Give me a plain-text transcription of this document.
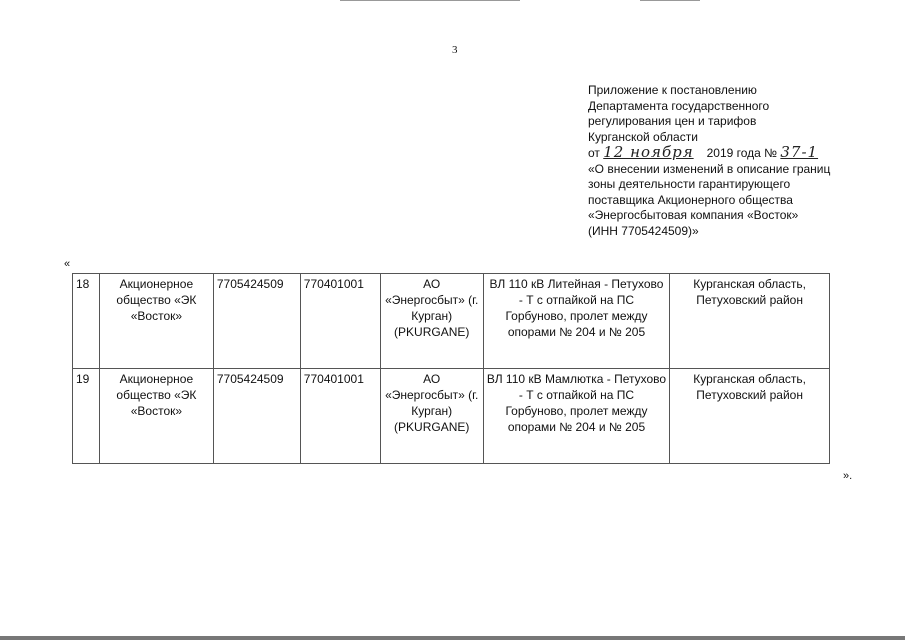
3
Приложение к постановлению
Департамента государственного
регулирования цен и тарифов
Курганской области
от 12 ноября 2019 года № 37-1
«О внесении изменений в описание границ
зоны деятельности гарантирующего
поставщика Акционерного общества
«Энергосбытовая компания «Восток»
(ИНН 7705424509)»
«
18	Акционерное общество «ЭК «Восток»	7705424509	770401001	АО «Энергосбыт» (г. Курган) (PKURGANE)	ВЛ 110 кВ Литейная - Петухово - Т с отпайкой на ПС Горбуново, пролет между опорами № 204 и № 205	Курганская область, Петуховский район
19	Акционерное общество «ЭК «Восток»	7705424509	770401001	АО «Энергосбыт» (г. Курган) (PKURGANE)	ВЛ 110 кВ Мамлютка - Петухово - Т с отпайкой на ПС Горбуново, пролет между опорами № 204 и № 205	Курганская область, Петуховский район
».
